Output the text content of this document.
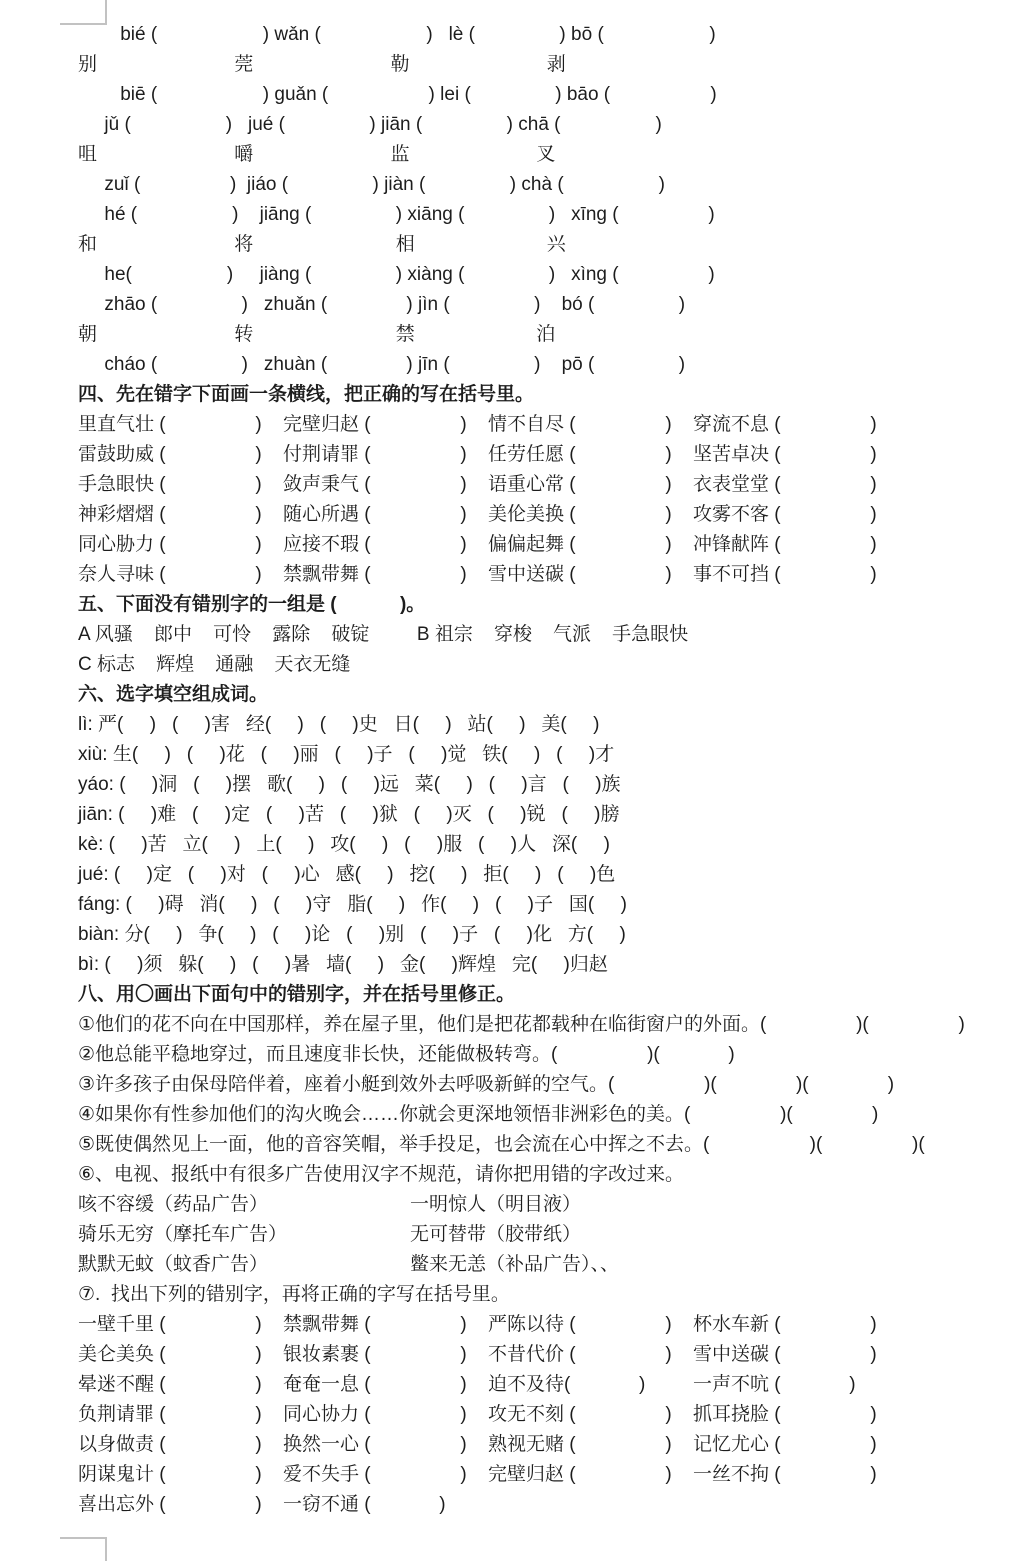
bié (                    ) wǎn (                    )   lè (                ) bō (                    )
别                          莞                          勒                          剥
biē (                    ) guǎn (                   ) lei (                ) bāo (                   )
jǔ (                  )   jué (                ) jiān (                ) chā (                  )
咀                          嚼                          监                        叉
zuǐ (                 )  jiáo (                ) jiàn (                ) chà (                  )
hé (                  )    jiāng (                ) xiāng (                )   xīng (                 )
和                          将                           相                         兴
he(                  )     jiàng (                ) xiàng (                )   xìng (                 )
zhāo (                )   zhuǎn (               ) jìn (                )    bó (                )
朝                          转                           禁                       泊
cháo (                )   zhuàn (               ) jīn (                )    pō (                )
四、先在错字下面画一条横线，把正确的写在括号里。
里直气壮 (                 )	完壁归赵 (                 )	情不自尽 (                 )	穿流不息 (                 )
雷鼓助威 (                 )	付荆请罪 (                 )	任劳任愿 (                 )	坚苦卓决 (                 )
手急眼快 (                 )	敛声秉气 (                 )	语重心常 (                 )	衣表堂堂 (                 )
神彩熠熠 (                 )	随心所遇 (                 )	美伦美换 (                 )	攻雾不客 (                 )
同心胁力 (                 )	应接不瑕 (                 )	偏偏起舞 (                 )	冲锋献阵 (                 )
奈人寻味 (                 )	禁飘带舞 (                 )	雪中送碳 (                 )	事不可挡 (                 )
五、下面没有错别字的一组是 (            )。
A 风骚    郎中    可怜    露除    破锭         B 祖宗    穿梭    气派    手急眼快
C 标志    辉煌    通融    天衣无缝
六、选字填空组成词。
lì: 严(     )   (     )害   经(     )   (     )史   日(     )   站(     )   美(     )
xiù: 生(     )   (     )花   (     )丽   (     )子   (     )觉   铁(     )   (     )才
yáo: (     )洞   (     )摆   歌(     )   (     )远   菜(     )   (     )言   (     )族
jiān: (     )难   (     )定   (     )苦   (     )狱   (     )灭   (     )锐   (     )膀
kè: (     )苦   立(     )   上(     )   攻(     )   (     )服   (     )人   深(     )
jué: (     )定   (     )对   (     )心   感(     )   挖(     )   拒(     )   (     )色
fáng: (     )碍   消(     )   (     )守   脂(     )   作(     )   (     )子   国(     )
biàn: 分(     )   争(     )   (     )论   (     )别   (     )子   (     )化   方(     )
bì: (     )须   躲(     )   (     )暑   墙(     )   金(     )辉煌   完(     )归赵
八、用〇画出下面句中的错别字，并在括号里修正。
①他们的花不向在中国那样，养在屋子里，他们是把花都载种在临街窗户的外面。(                 )(                 )
②他总能平稳地穿过，而且速度非长快，还能做极转弯。(                 )(             )
③许多孩子由保母陪伴着，座着小艇到效外去呼吸新鲜的空气。(                 )(               )(               )
④如果你有性参加他们的沟火晚会……你就会更深地领悟非洲彩色的美。(                 )(               )
⑤既使偶然见上一面，他的音容笑帽，举手投足，也会流在心中挥之不去。(                   )(                 )(
⑥、电视、报纸中有很多广告使用汉字不规范，请你把用错的字改过来。
咳不容缓（药品广告）	一明惊人（明目液）
骑乐无穷（摩托车广告）	无可替带（胶带纸）
默默无蚊（蚊香广告）	鳖来无恙（补品广告）、、
⑦.  找出下列的错别字，再将正确的字写在括号里。
一壁千里 (                 )	禁飘带舞 (                 )	严陈以待 (                 )	杯水车新 (                 )
美仑美奂 (                 )	银妆素裹 (                 )	不昔代价 (                 )	雪中送碳 (                 )
晕迷不醒 (                 )	奄奄一息 (                 )	迫不及待(             )	一声不吭 (             )
负荆请罪 (                 )	同心协力 (                 )	攻无不刻 (                 )	抓耳挠脸 (                 )
以身做责 (                 )	换然一心 (                 )	熟视无赌 (                 )	记忆尤心 (                 )
阴谋鬼计 (                 )	爱不失手 (                 )	完壁归赵 (                 )	一丝不拘 (                 )
喜出忘外 (                 )	一窃不通 (             )
